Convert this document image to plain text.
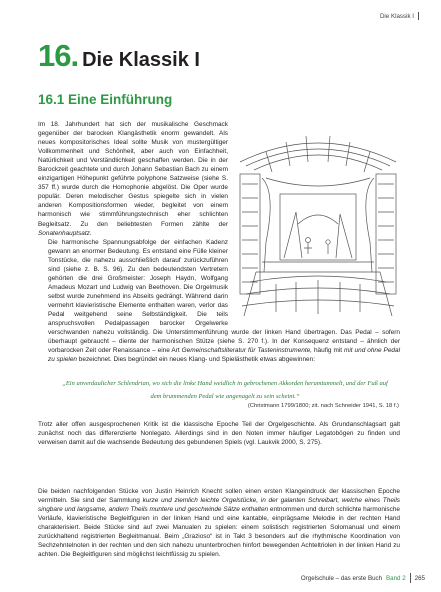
Die Klassik I
16. Die Klassik I
16.1 Eine Einführung
Im 18. Jahrhundert hat sich der musikalische Geschmack gegenüber der barocken Klangästhetik enorm gewandelt. Als neues kompositorisches Ideal sollte Musik von mustergültiger Vollkommenheit und Schönheit, aber auch von Einfachheit, Natürlichkeit und Verständlichkeit geschaffen werden. Die in der Barockzeit geachtete und durch Johann Sebastian Bach zu einem einzigartigen Höhepunkt geführte polyphone Satzweise (siehe S. 357 ff.) wurde durch die Homophonie abgelöst. Die Oper wurde populär. Deren melodischer Gestus spiegelte sich in vielen anderen Kompositionsformen wieder, begleitet von einem harmonisch wie stimmführungstechnisch eher schlichten Begleitsatz. Zu den beliebtesten Formen zählte der Sonatenhauptsatz.
Die harmonische Spannungsabfolge der einfachen Kadenz gewann an enormer Bedeutung. Es entstand eine Fülle kleiner Tonstücke, die nahezu ausschließlich darauf zurückzuführen sind (siehe z. B. S. 96). Zu den bedeutendsten Vertretern gehörten die drei Großmeister: Joseph Haydn, Wolfgang Amadeus Mozart und Ludwig van Beethoven. Die Orgelmusik selbst wurde zunehmend ins Abseits gedrängt. Während darin vermehrt klavieristische Elemente enthalten waren, verlor das Pedal weitgehend seine Selbständigkeit. Die teils anspruchsvollen Pedalpassagen barocker Orgelwerke verschwanden nahezu vollständig. Die Unterstimmenführung wurde der linken Hand übertragen. Das Pedal – sofern überhaupt gebraucht – diente der harmonischen Stütze (siehe S. 270 f.). In der Konsequenz entstand – ähnlich der vorbarocken Zeit oder Renaissance – eine Art Gemeinschaftsliteratur für Tasteninstrumente, häufig mit mit und ohne Pedal zu spielen bezeichnet. Dies begründet ein neues Klang- und Spielästhetik etwas abgewinnen:
„Ein unverdaulicher Schlendrian, wo sich die linke Hand weidlich in gebrochenen Akkorden herumtummelt, und der Fuß auf dem brummenden Pedal wie angenagelt zu sein scheint.“
(Christmann 1799/1800; zit. nach Schneider 1941, S. 18 f.)
Trotz aller offen ausgesprochenen Kritik ist die klassische Epoche Teil der Orgelgeschichte. Als Grundanschlagsart galt zunächst noch das differenzierte Nonlegato. Allerdings sind in den Noten immer häufiger Legatobögen zu finden und verweisen damit auf die wachsende Bedeutung des gebundenen Spiels (vgl. Laukvik 2000, S. 275).
Die beiden nachfolgenden Stücke von Justin Heinrich Knecht sollen einen ersten Klangeindruck der klassischen Epoche vermitteln. Sie sind der Sammlung kurze und ziemlich leichte Orgelstücke, in der galanten Schreibart, welche eines Theils singbare und langsame, andern Theils muntere und geschwinde Sätze enthalten entnommen und durch schlichte harmonische Verläufe, klavieristische Begleitfiguren in der linken Hand und eine kantable, einprägsame Melodie in der rechten Hand charakterisiert. Beide Stücke sind auf zwei Manualen zu spielen: einem solistisch registrierten Solomanual und einem zurückhaltend registrierten Begleitmanual. Beim „Grazioso“ ist in Takt 3 besonders auf die rhythmische Koordination von Sechzehntelnoten in der rechten und den sich nahezu ununterbrochen hinfort bewegenden Achteltriolen in der linken Hand zu achten. Die Begleitfiguren sind möglichst leichtfüssig zu spielen.
Orgelschule – das erste Buch Band 2 265
